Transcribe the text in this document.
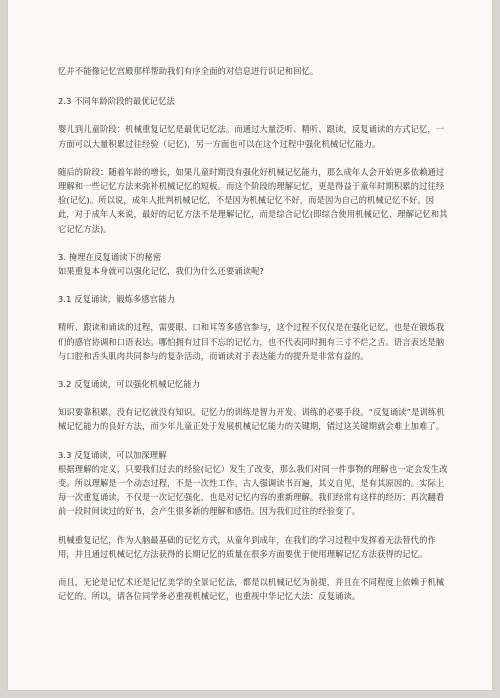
忆并不能像记忆宫殿那样帮助我们有序全面的对信息进行识记和回忆。

2.3 不同年龄阶段的最优记忆法

婴儿到儿童阶段：机械重复记忆是最优记忆法。而通过大量泛听、精听、跟读，反复诵读的方式记忆，一方面可以大量积累过往经验（记忆)，另一方面也可以在这个过程中强化机械记忆能力。

随后的阶段：随着年龄的增长，如果儿童时期没有强化好机械记忆能力，那么成年人会开始更多依赖通过理解和一些记忆方法来弥补机械记忆的短板。而这个阶段的理解记忆，更是得益于童年时期积累的过往经验(记忆)。所以说，成年人批判机械记忆，不是因为机械记忆不好，而是因为自己的机械记忆不好。因此，对于成年人来说，最好的记忆方法不是理解记忆，而是综合记忆(即综合使用机械记忆、理解记忆和其它记忆方法)。

3. 掩埋在反复诵读下的秘密

如果重复本身就可以强化记忆，我们为什么还要诵读呢?

3.1 反复诵读，锻炼多感官能力

精听、跟读和诵读的过程，需要眼、口和耳等多感官参与，这个过程不仅仅是在强化记忆，也是在锻炼我们的感官协调和口语表达。哪怕拥有过目不忘的记忆力，也不代表同时拥有三寸不烂之舌。语言表达是脑与口腔和舌头肌肉共同参与的复杂活动，而诵读对于表达能力的提升是非常有益的。

3.2 反复诵读，可以强化机械记忆能力

知识要靠积累，没有记忆就没有知识。记忆力的训练是智力开发、训练的必要手段。“反复诵读”是训练机械记忆能力的良好方法，而少年儿童正处于发展机械记忆能力的关键期，错过这关键期就会难上加难了。

3.3 反复诵读，可以加深理解

根据理解的定义，只要我们过去的经验(记忆）发生了改变，那么我们对同一件事物的理解也一定会发生改变。所以理解是一个动态过程，不是一次性工作。古人强调读书百遍，其义自见，是有其原因的。实际上每一次重复诵读，不仅是一次记忆强化，也是对记忆内容的重新理解。我们经常有这样的经历：再次翻看前一段时间读过的好书，会产生很多新的理解和感悟。因为我们过往的经验变了。

机械重复记忆，作为人脑最基础的记忆方式，从童年到成年，在我们的学习过程中发挥着无法替代的作用，并且通过机械记忆方法获得的长期记忆的质量在很多方面要优于使用理解记忆方法获得的记忆。

而且，无论是记忆术还是记忆美学的全景记忆法，都是以机械记忆为前提，并且在不同程度上依赖于机械记忆的。所以，请各位同学务必重视机械记忆，也重视中华记忆大法：反复诵读。
